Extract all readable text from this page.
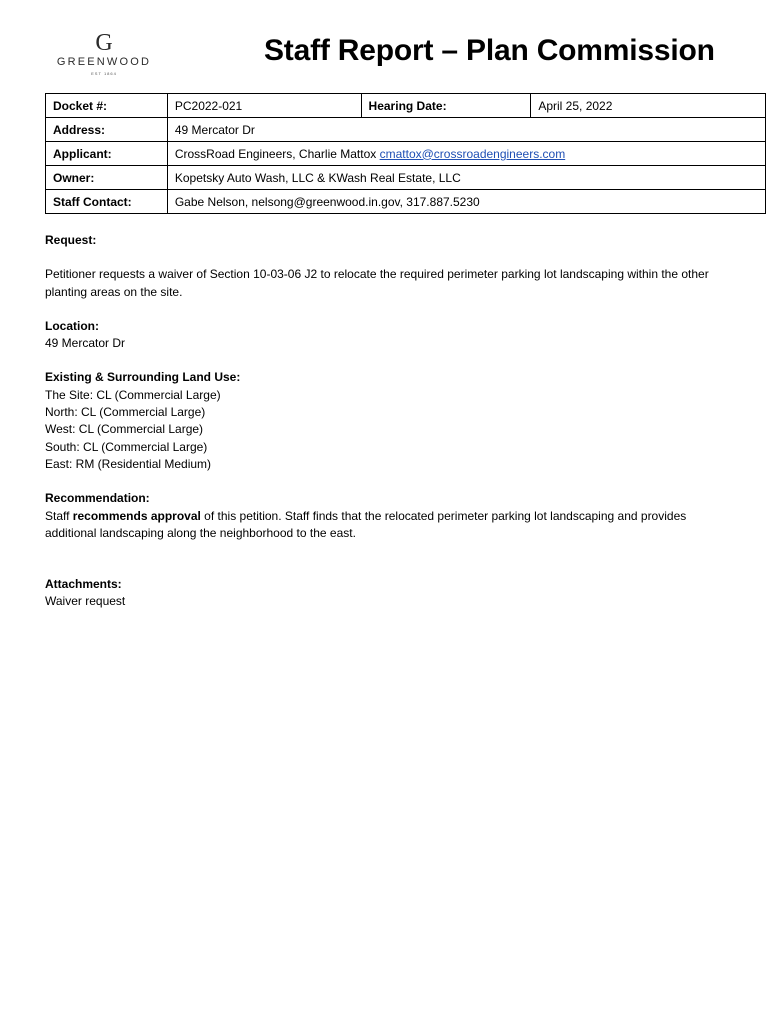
G
GREENWOOD
EST 1864
Staff Report – Plan Commission
Docket #:	PC2022-021	Hearing Date:	April 25, 2022
Address:	49 Mercator Dr		
Applicant:	CrossRoad Engineers, Charlie Mattox cmattox@crossroadengineers.com		
Owner:	Kopetsky Auto Wash, LLC & KWash Real Estate, LLC		
Staff Contact:	Gabe Nelson, nelsong@greenwood.in.gov, 317.887.5230		

Request:

Petitioner requests a waiver of Section 10-03-06 J2 to relocate the required perimeter parking lot landscaping within the other planting areas on the site.

Location:

49 Mercator Dr

Existing & Surrounding Land Use:

The Site: CL (Commercial Large)

North: CL (Commercial Large)

West: CL (Commercial Large)

South: CL (Commercial Large)

East: RM (Residential Medium)

Recommendation:

Staff recommends approval of this petition. Staff finds that the relocated perimeter parking lot landscaping and provides additional landscaping along the neighborhood to the east.

Attachments:

Waiver request
